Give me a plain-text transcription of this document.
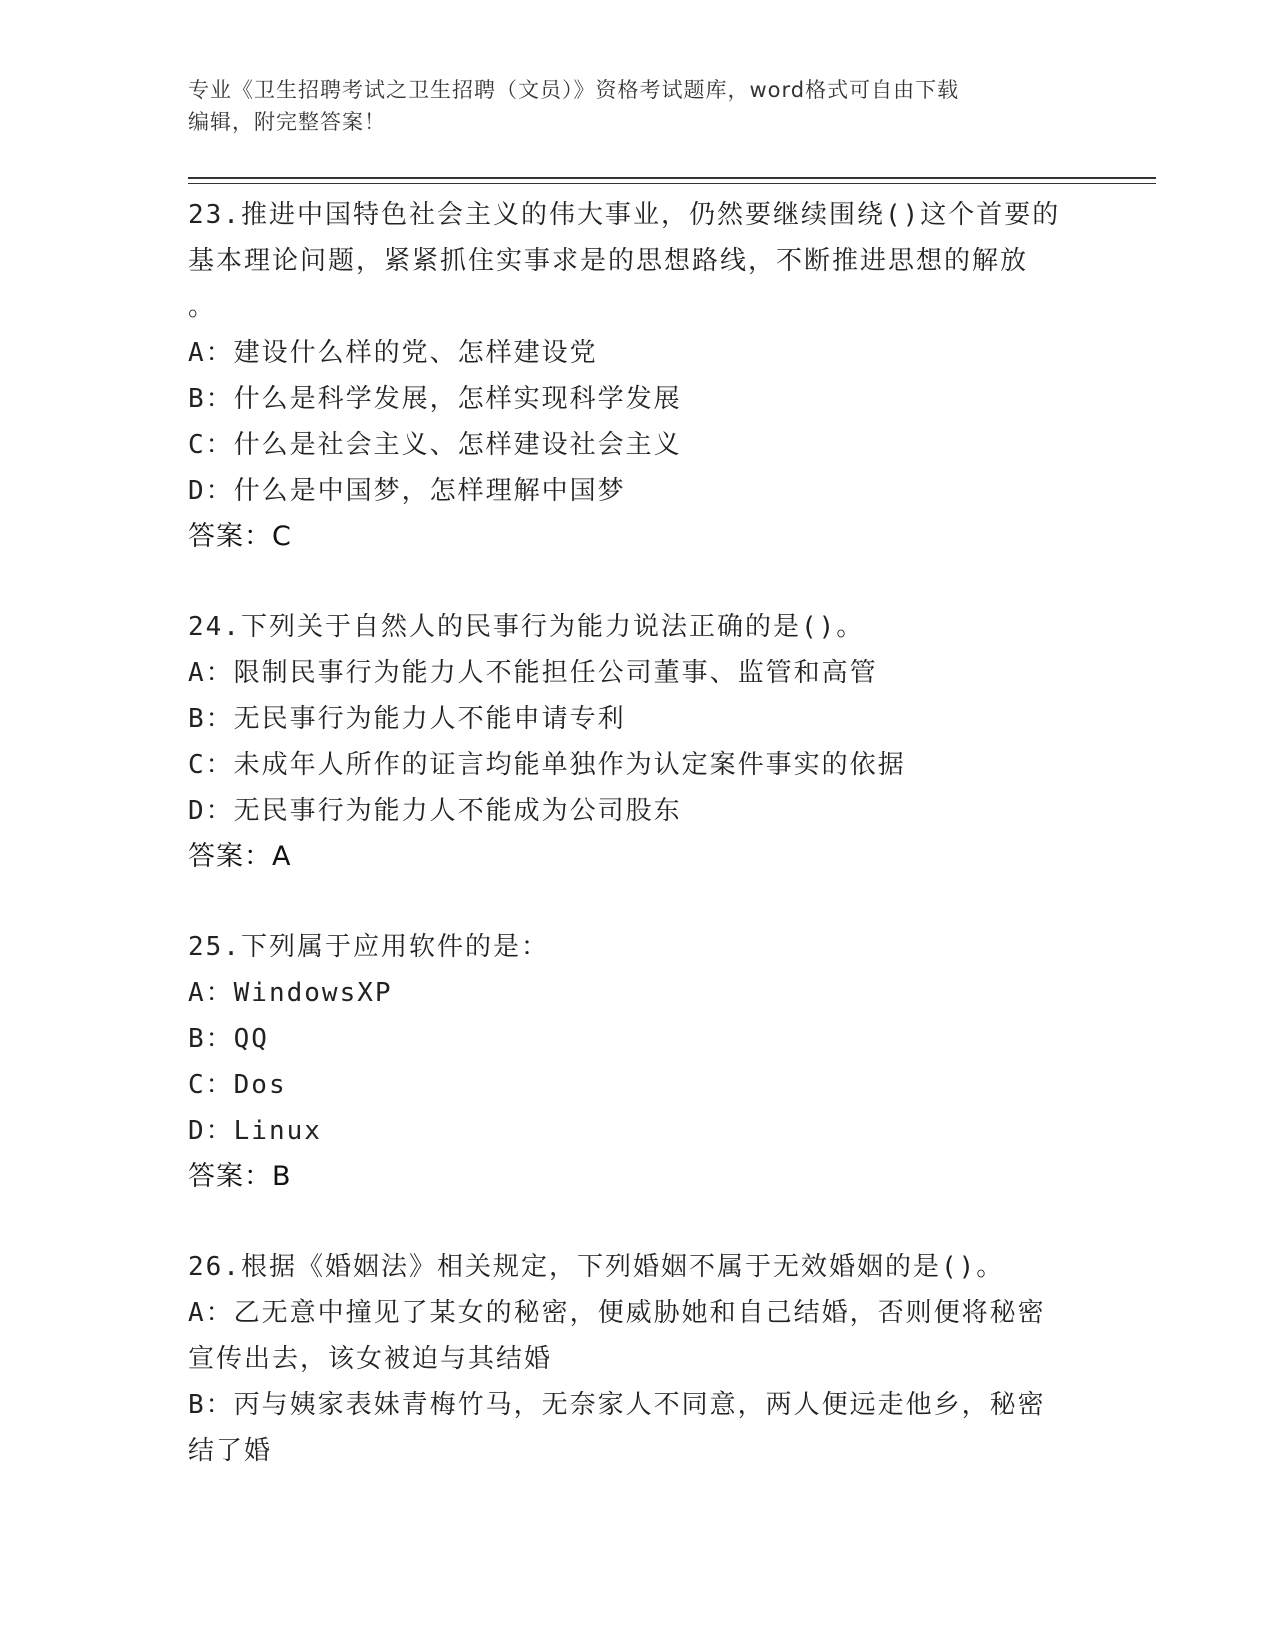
专业《卫生招聘考试之卫生招聘（文员）》资格考试题库，word格式可自由下载
编辑，附完整答案！
23.推进中国特色社会主义的伟大事业，仍然要继续围绕()这个首要的
基本理论问题，紧紧抓住实事求是的思想路线，不断推进思想的解放
。
A：建设什么样的党、怎样建设党
B：什么是科学发展，怎样实现科学发展
C：什么是社会主义、怎样建设社会主义
D：什么是中国梦，怎样理解中国梦
答案：C
24.下列关于自然人的民事行为能力说法正确的是()。
A：限制民事行为能力人不能担任公司董事、监管和高管
B：无民事行为能力人不能申请专利
C：未成年人所作的证言均能单独作为认定案件事实的依据
D：无民事行为能力人不能成为公司股东
答案：A
25.下列属于应用软件的是：
A：WindowsXP
B：QQ
C：Dos
D：Linux
答案：B
26.根据《婚姻法》相关规定，下列婚姻不属于无效婚姻的是()。
A：乙无意中撞见了某女的秘密，便威胁她和自己结婚，否则便将秘密
宣传出去，该女被迫与其结婚
B：丙与姨家表妹青梅竹马，无奈家人不同意，两人便远走他乡，秘密
结了婚
